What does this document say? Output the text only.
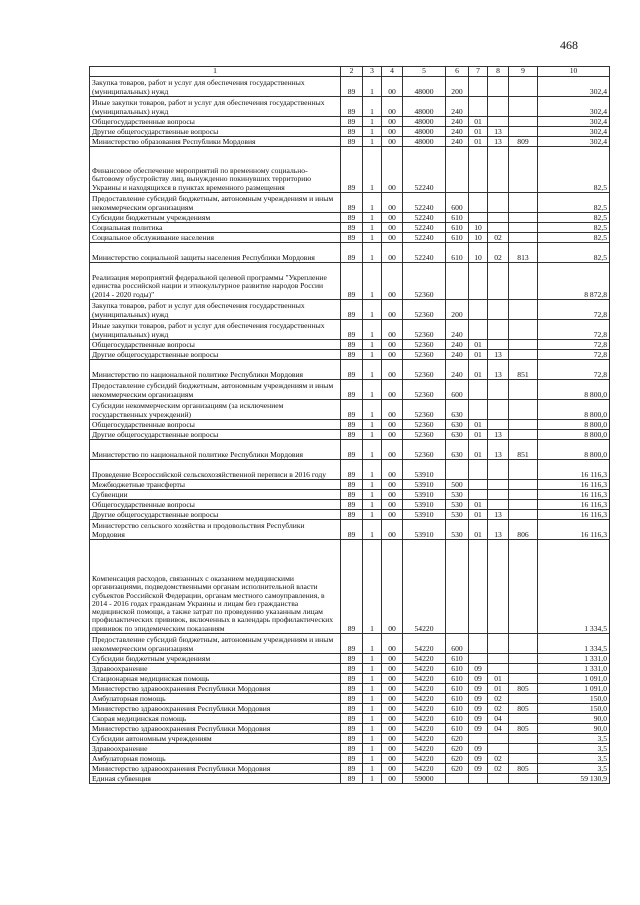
468
1	2	3	4	5	6	7	8	9	10
Закупка товаров, работ и услуг для обеспечения государственных (муниципальных) нужд	89	1	00	48000	200				302,4
Иные закупки товаров, работ и услуг для обеспечения государственных (муниципальных) нужд	89	1	00	48000	240				302,4
Общегосударственные вопросы	89	1	00	48000	240	01			302,4
Другие общегосударственные вопросы	89	1	00	48000	240	01	13		302,4
Министерство образования Республики Мордовия	89	1	00	48000	240	01	13	809	302,4
Финансовое обеспечение мероприятий по временному социально-бытовому обустройству лиц, вынужденно покинувших территорию Украины и находящихся в пунктах временного размещения	89	1	00	52240					82,5
Предоставление субсидий бюджетным, автономным учреждениям и иным некоммерческим организациям	89	1	00	52240	600				82,5
Субсидии бюджетным учреждениям	89	1	00	52240	610				82,5
Социальная политика	89	1	00	52240	610	10			82,5
Социальное обслуживание населения	89	1	00	52240	610	10	02		82,5
Министерство социальной защиты населения Республики Мордовия	89	1	00	52240	610	10	02	813	82,5
Реализация мероприятий федеральной целевой программы "Укрепление единства российской нации и этнокультурное развитие народов России (2014 - 2020 годы)"	89	1	00	52360					8 872,8
Закупка товаров, работ и услуг для обеспечения государственных (муниципальных) нужд	89	1	00	52360	200				72,8
Иные закупки товаров, работ и услуг для обеспечения государственных (муниципальных) нужд	89	1	00	52360	240				72,8
Общегосударственные вопросы	89	1	00	52360	240	01			72,8
Другие общегосударственные вопросы	89	1	00	52360	240	01	13		72,8
Министерство по национальной политике Республики Мордовия	89	1	00	52360	240	01	13	851	72,8
Предоставление субсидий бюджетным, автономным учреждениям и иным некоммерческим организациям	89	1	00	52360	600				8 800,0
Субсидии некоммерческим организациям (за исключением государственных учреждений)	89	1	00	52360	630				8 800,0
Общегосударственные вопросы	89	1	00	52360	630	01			8 800,0
Другие общегосударственные вопросы	89	1	00	52360	630	01	13		8 800,0
Министерство по национальной политике Республики Мордовия	89	1	00	52360	630	01	13	851	8 800,0
Проведение Всероссийской сельскохозяйственной переписи в 2016 году	89	1	00	53910					16 116,3
Межбюджетные трансферты	89	1	00	53910	500				16 116,3
Субвенции	89	1	00	53910	530				16 116,3
Общегосударственные вопросы	89	1	00	53910	530	01			16 116,3
Другие общегосударственные вопросы	89	1	00	53910	530	01	13		16 116,3
Министерство сельского хозяйства и продовольствия Республики Мордовия	89	1	00	53910	530	01	13	806	16 116,3
Компенсация расходов, связанных с оказанием медицинскими организациями, подведомственными органам исполнительной власти субъектов Российской Федерации, органам местного самоуправления, в 2014 - 2016 годах гражданам Украины и лицам без гражданства медицинской помощи, а также затрат по проведению указанным лицам профилактических прививок, включенных в календарь профилактических прививок по эпидемическим показаниям	89	1	00	54220					1 334,5
Предоставление субсидий бюджетным, автономным учреждениям и иным некоммерческим организациям	89	1	00	54220	600				1 334,5
Субсидии бюджетным учреждениям	89	1	00	54220	610				1 331,0
Здравоохранение	89	1	00	54220	610	09			1 331,0
Стационарная медицинская помощь	89	1	00	54220	610	09	01		1 091,0
Министерство здравоохранения Республики Мордовия	89	1	00	54220	610	09	01	805	1 091,0
Амбулаторная помощь	89	1	00	54220	610	09	02		150,0
Министерство здравоохранения Республики Мордовия	89	1	00	54220	610	09	02	805	150,0
Скорая медицинская помощь	89	1	00	54220	610	09	04		90,0
Министерство здравоохранения Республики Мордовия	89	1	00	54220	610	09	04	805	90,0
Субсидии автономным учреждениям	89	1	00	54220	620				3,5
Здравоохранение	89	1	00	54220	620	09			3,5
Амбулаторная помощь	89	1	00	54220	620	09	02		3,5
Министерство здравоохранения Республики Мордовия	89	1	00	54220	620	09	02	805	3,5
Единая субвенция	89	1	00	59000					59 130,9
